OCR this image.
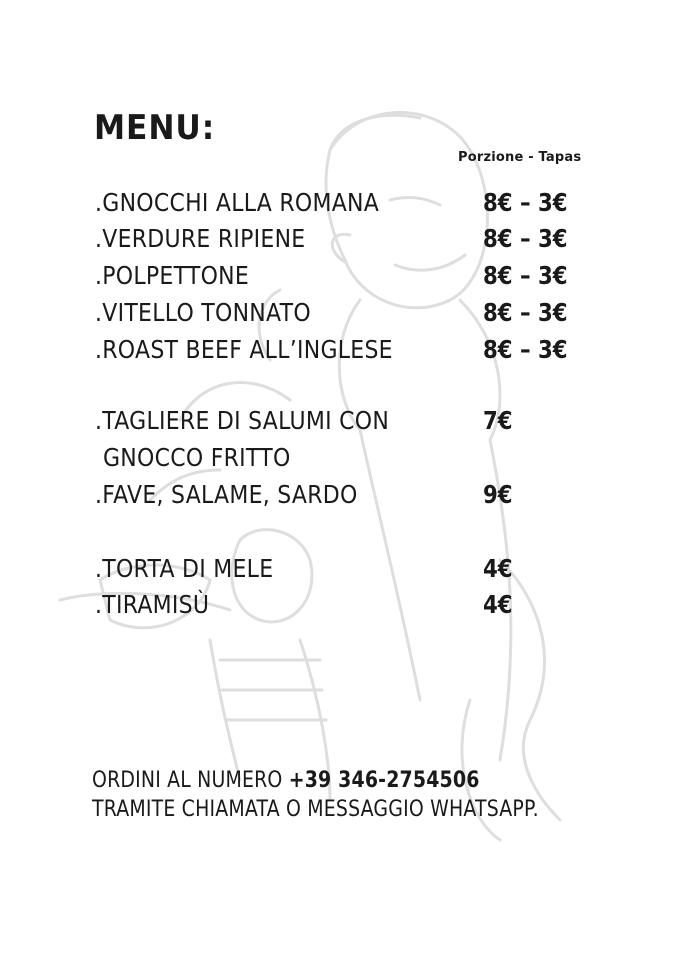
MENU:
Porzione - Tapas
.GNOCCHI ALLA ROMANA	8€ – 3€
.VERDURE RIPIENE	8€ – 3€
.POLPETTONE	8€ – 3€
.VITELLO TONNATO	8€ – 3€
.ROAST BEEF ALL’INGLESE	8€ – 3€
.TAGLIERE DI SALUMI CON	7€
GNOCCO FRITTO
.FAVE, SALAME, SARDO	9€
.TORTA DI MELE	4€
.TIRAMISÙ	4€
ORDINI AL NUMERO +39 346-2754506
TRAMITE CHIAMATA O MESSAGGIO WHATSAPP.
